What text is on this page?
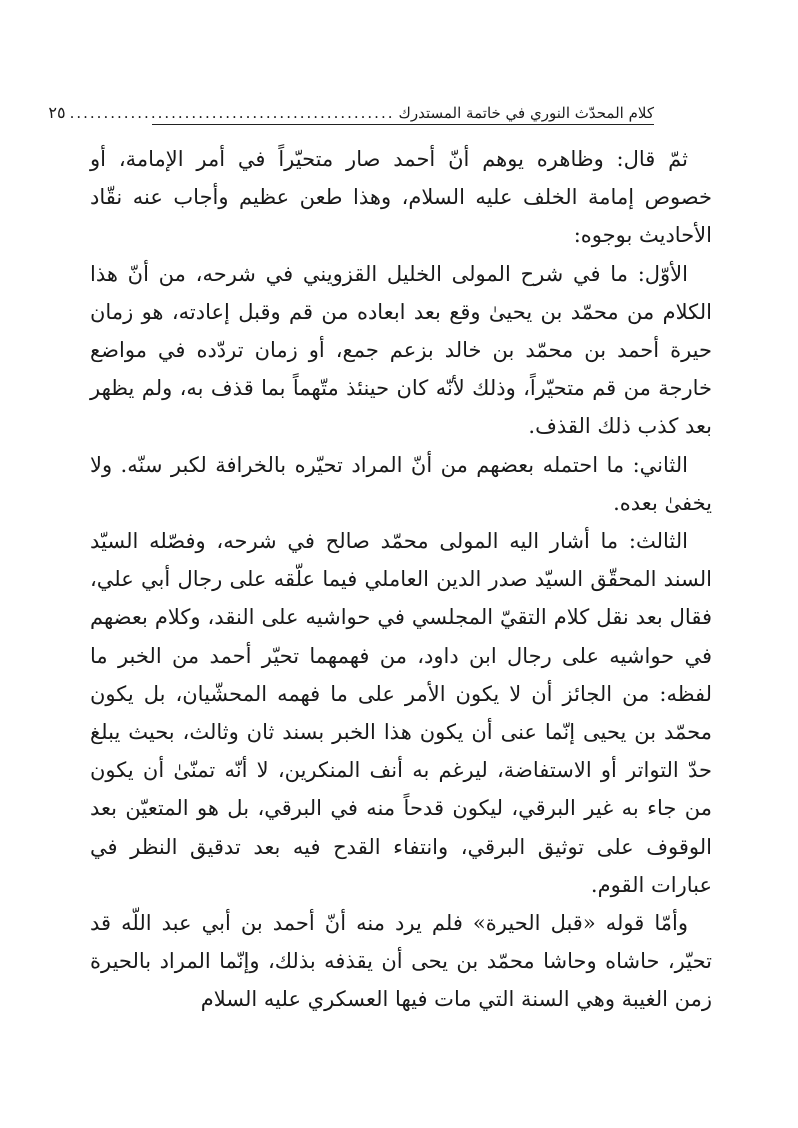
كلام المحدّث النوري في خاتمة المستدرك
................................................
٢٥

ثمّ قال: وظاهره يوهم أنّ أحمد صار متحيّراً في أمر الإمامة، أو خصوص إمامة الخلف عليه السلام، وهذا طعن عظيم وأجاب عنه نقّاد الأحاديث بوجوه:

الأوّل: ما في شرح المولى الخليل القزويني في شرحه، من أنّ هذا الكلام من محمّد بن يحيىٰ وقع بعد ابعاده من قم وقبل إعادته، هو زمان حيرة أحمد بن محمّد بن خالد بزعم جمع، أو زمان تردّده في مواضع خارجة من قم متحيّراً، وذلك لأنّه كان حينئذ متّهماً بما قذف به، ولم يظهر بعد كذب ذلك القذف.

الثاني: ما احتمله بعضهم من أنّ المراد تحيّره بالخرافة لكبر سنّه. ولا يخفىٰ بعده.

الثالث: ما أشار اليه المولى محمّد صالح في شرحه، وفصّله السيّد السند المحقّق السيّد صدر الدين العاملي فيما علّقه على رجال أبي علي، فقال بعد نقل كلام التقيّ المجلسي في حواشيه على النقد، وكلام بعضهم في حواشيه على رجال ابن داود، من فهمهما تحيّر أحمد من الخبر ما لفظه: من الجائز أن لا يكون الأمر على ما فهمه المحشّيان، بل يكون محمّد بن يحيى إنّما عنى أن يكون هذا الخبر بسند ثان وثالث، بحيث يبلغ حدّ التواتر أو الاستفاضة، ليرغم به أنف المنكرين، لا أنّه تمنّىٰ أن يكون من جاء به غير البرقي، ليكون قدحاً منه في البرقي، بل هو المتعيّن بعد الوقوف على توثيق البرقي، وانتفاء القدح فيه بعد تدقيق النظر في عبارات القوم.

وأمّا قوله «قبل الحيرة» فلم يرد منه أنّ أحمد بن أبي عبد اللّه قد تحيّر، حاشاه وحاشا محمّد بن يحى أن يقذفه بذلك، وإنّما المراد بالحيرة زمن الغيبة وهي السنة التي مات فيها العسكري عليه السلام
